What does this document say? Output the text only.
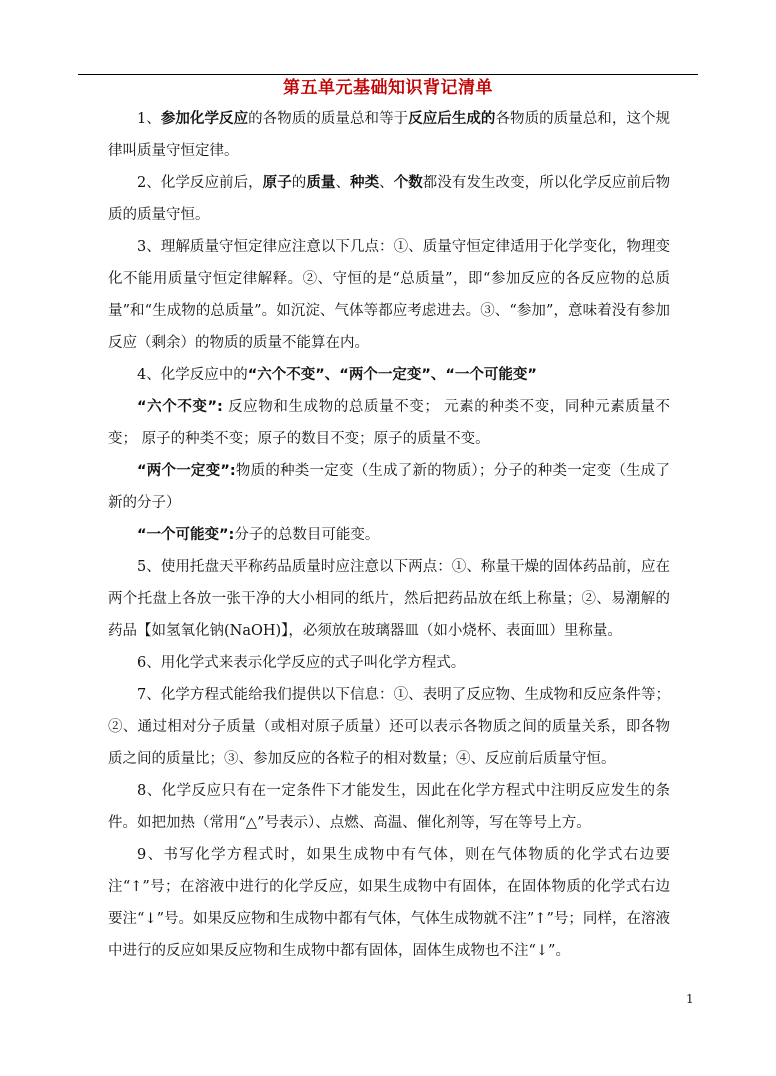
第五单元基础知识背记清单

1、参加化学反应的各物质的质量总和等于反应后生成的各物质的质量总和，这个规律叫质量守恒定律。

2、化学反应前后，原子的质量、种类、个数都没有发生改变，所以化学反应前后物质的质量守恒。

3、理解质量守恒定律应注意以下几点：①、质量守恒定律适用于化学变化，物理变化不能用质量守恒定律解释。②、守恒的是“总质量”，即“参加反应的各反应物的总质量”和“生成物的总质量”。如沉淀、气体等都应考虑进去。③、“参加”，意味着没有参加反应（剩余）的物质的质量不能算在内。

4、化学反应中的“六个不变”、“两个一定变”、“一个可能变”

“六个不变”: 反应物和生成物的总质量不变； 元素的种类不变，同种元素质量不变； 原子的种类不变；原子的数目不变；原子的质量不变。

“两个一定变”:物质的种类一定变（生成了新的物质）；分子的种类一定变（生成了新的分子）

“一个可能变”:分子的总数目可能变。

5、使用托盘天平称药品质量时应注意以下两点：①、称量干燥的固体药品前，应在两个托盘上各放一张干净的大小相同的纸片，然后把药品放在纸上称量；②、易潮解的药品【如氢氧化钠(NaOH)】，必须放在玻璃器皿（如小烧杯、表面皿）里称量。

6、用化学式来表示化学反应的式子叫化学方程式。

7、化学方程式能给我们提供以下信息：①、表明了反应物、生成物和反应条件等；②、通过相对分子质量（或相对原子质量）还可以表示各物质之间的质量关系，即各物质之间的质量比；③、参加反应的各粒子的相对数量；④、反应前后质量守恒。

8、化学反应只有在一定条件下才能发生，因此在化学方程式中注明反应发生的条件。如把加热（常用“△”号表示）、点燃、高温、催化剂等，写在等号上方。

9、书写化学方程式时，如果生成物中有气体，则在气体物质的化学式右边要注“↑”号；在溶液中进行的化学反应，如果生成物中有固体，在固体物质的化学式右边要注“↓”号。如果反应物和生成物中都有气体，气体生成物就不注”↑”号；同样，在溶液中进行的反应如果反应物和生成物中都有固体，固体生成物也不注“↓”。

1
